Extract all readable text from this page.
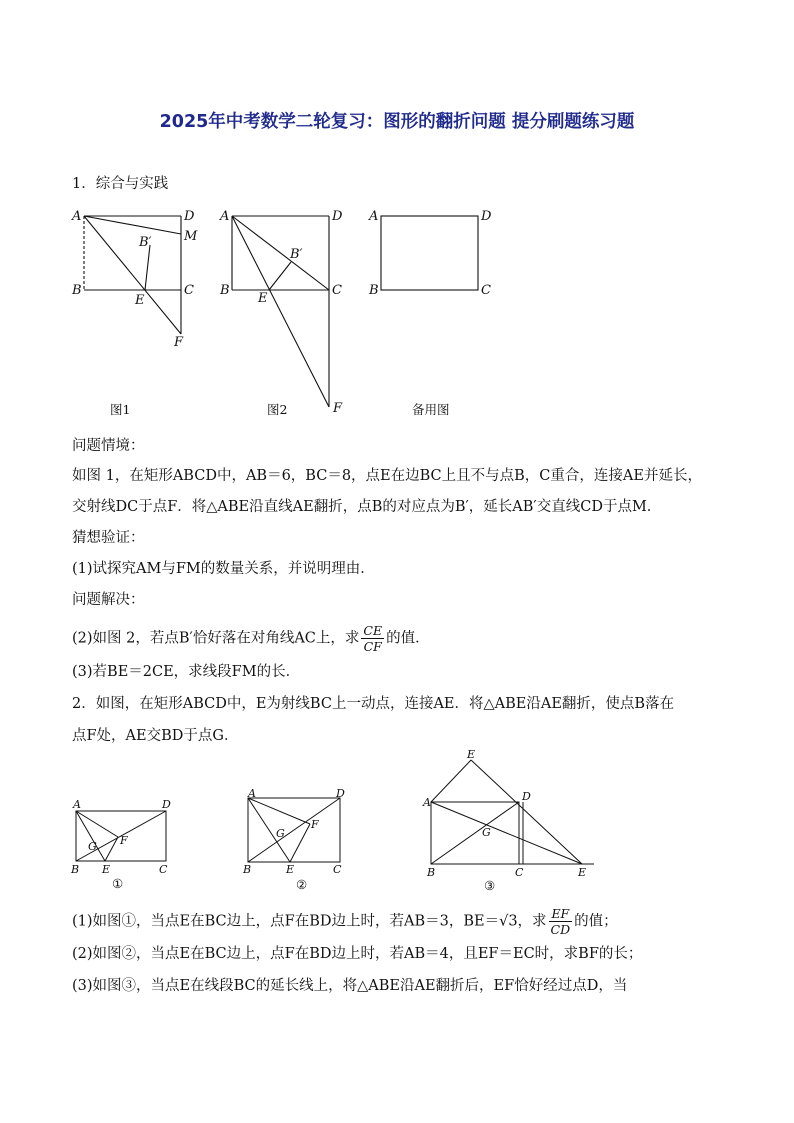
2025年中考数学二轮复习：图形的翻折问题 提分刷题练习题
1．综合与实践
A	D
M
B′
B
E
C
F
图1
A	D
B′
B
E
C
F
图2
A	D
B	C
备用图
问题情境：
如图 1，在矩形ABCD中，AB＝6，BC＝8，点E在边BC上且不与点B，C重合，连接AE并延长，
交射线DC于点F．将△ABE沿直线AE翻折，点B的对应点为B′，延长AB′交直线CD于点M．
猜想验证：
(1)试探究AM与FM的数量关系，并说明理由．
问题解决：
(2)如图 2，若点B′恰好落在对角线AC上，求 $\frac{CE}{CF}$ 的值．
(3)若BE＝2CE，求线段FM的长．
2．如图，在矩形ABCD中，E为射线BC上一动点，连接AE．将△ABE沿AE翻折，使点B落在
点F处，AE交BD于点G．
A	D
G F
B E	C
①
A	D
G
F
B	E	C
②
E
A	D
G
B	C	E
③
(1)如图①，当点E在BC边上，点F在BD边上时，若AB＝3，BE＝√3，求 $\frac{EF}{CD}$ 的值；
(2)如图②，当点E在BC边上，点F在BD边上时，若AB＝4，且EF＝EC时，求BF的长；
(3)如图③，当点E在线段BC的延长线上，将△ABE沿AE翻折后，EF恰好经过点D，当
